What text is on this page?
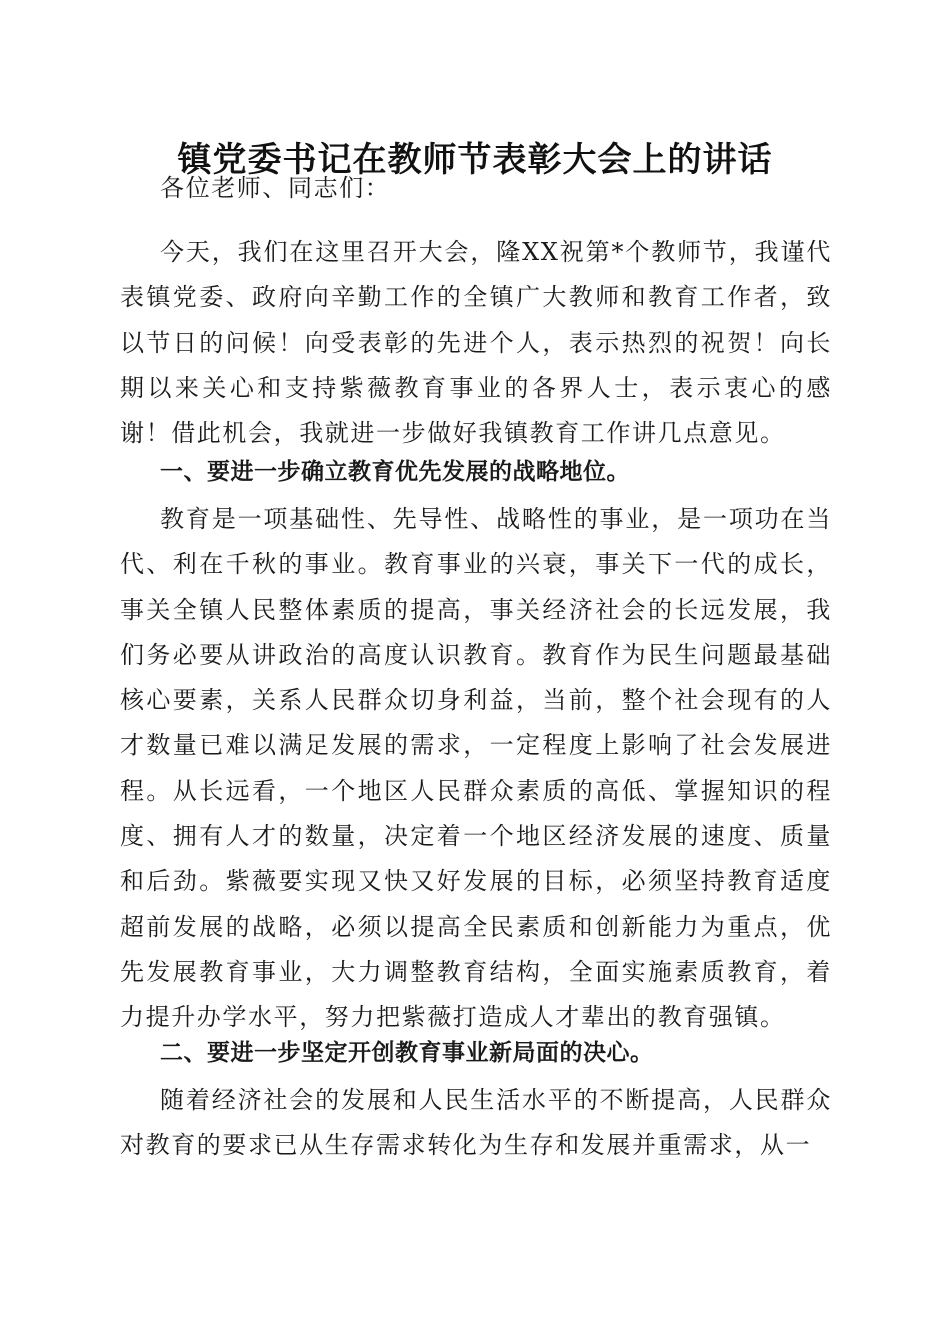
镇党委书记在教师节表彰大会上的讲话
各位老师、同志们：
今天，我们在这里召开大会，隆XX祝第*个教师节，我谨代表镇党委、政府向辛勤工作的全镇广大教师和教育工作者，致以节日的问候！向受表彰的先进个人，表示热烈的祝贺！向长期以来关心和支持紫薇教育事业的各界人士，表示衷心的感谢！借此机会，我就进一步做好我镇教育工作讲几点意见。
一、要进一步确立教育优先发展的战略地位。
教育是一项基础性、先导性、战略性的事业，是一项功在当代、利在千秋的事业。教育事业的兴衰，事关下一代的成长，事关全镇人民整体素质的提高，事关经济社会的长远发展，我们务必要从讲政治的高度认识教育。教育作为民生问题最基础核心要素，关系人民群众切身利益，当前，整个社会现有的人才数量已难以满足发展的需求，一定程度上影响了社会发展进程。从长远看，一个地区人民群众素质的高低、掌握知识的程度、拥有人才的数量，决定着一个地区经济发展的速度、质量和后劲。紫薇要实现又快又好发展的目标，必须坚持教育适度超前发展的战略，必须以提高全民素质和创新能力为重点，优先发展教育事业，大力调整教育结构，全面实施素质教育，着力提升办学水平，努力把紫薇打造成人才辈出的教育强镇。
二、要进一步坚定开创教育事业新局面的决心。
随着经济社会的发展和人民生活水平的不断提高，人民群众对教育的要求已从生存需求转化为生存和发展并重需求，从一
